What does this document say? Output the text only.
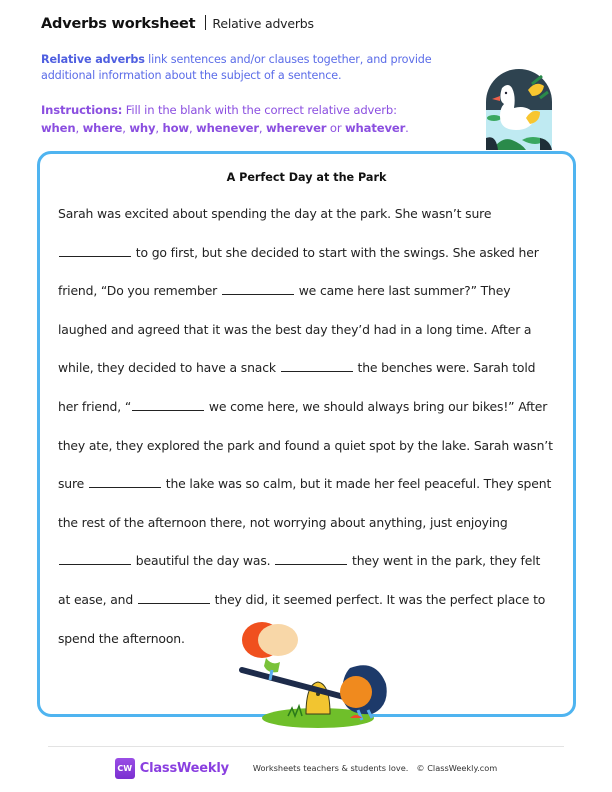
Adverbs worksheet Relative adverbs

Relative adverbs link sentences and/or clauses together, and provide additional information about the subject of a sentence.

Instructions: Fill in the blank with the correct relative adverb:
when, where, why, how, whenever, wherever or whatever.

A Perfect Day at the Park
Sarah was excited about spending the day at the park. She wasn’t sure
to go first, but she decided to start with the swings. She asked her
friend, “Do you remember	we came here last summer?” They
laughed and agreed that it was the best day they’d had in a long time. After a
while, they decided to have a snack	the benches were. Sarah told
her friend, “	we come here, we should always bring our bikes!” After
they ate, they explored the park and found a quiet spot by the lake. Sarah wasn’t
sure	the lake was so calm, but it made her feel peaceful. They spent
the rest of the afternoon there, not worrying about anything, just enjoying
beautiful the day was.	they went in the park, they felt
at ease, and	they did, it seemed perfect. It was the perfect place to
spend the afternoon.
CW ClassWeekly	Worksheets teachers & students love. © ClassWeekly.com
